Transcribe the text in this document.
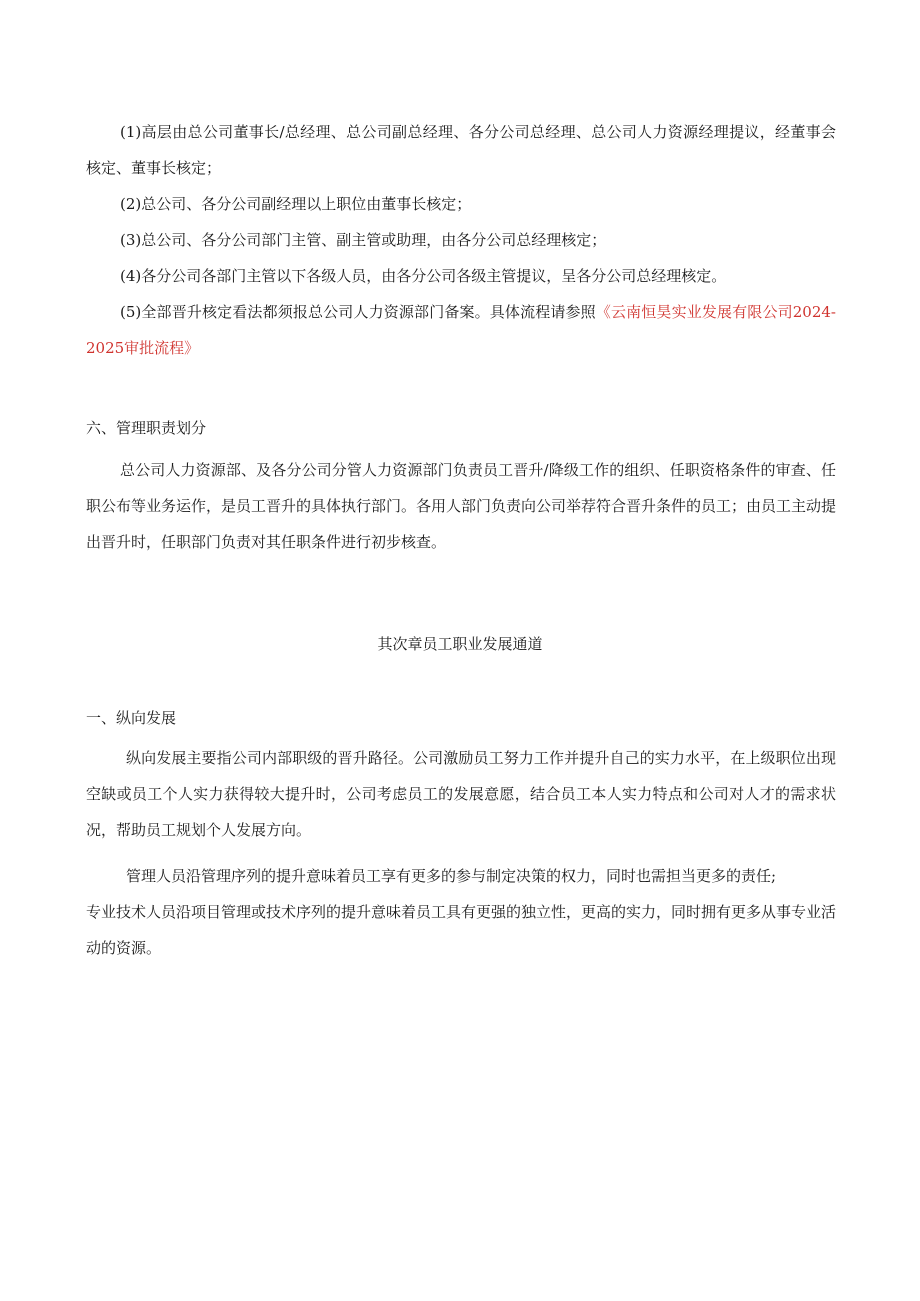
(1)高层由总公司董事长/总经理、总公司副总经理、各分公司总经理、总公司人力资源经理提议，经董事会核定、董事长核定；

(2)总公司、各分公司副经理以上职位由董事长核定；

(3)总公司、各分公司部门主管、副主管或助理，由各分公司总经理核定；

(4)各分公司各部门主管以下各级人员，由各分公司各级主管提议，呈各分公司总经理核定。

(5)全部晋升核定看法都须报总公司人力资源部门备案。具体流程请参照《云南恒昊实业发展有限公司2024-2025审批流程》

六、管理职责划分

总公司人力资源部、及各分公司分管人力资源部门负责员工晋升/降级工作的组织、任职资格条件的审查、任职公布等业务运作，是员工晋升的具体执行部门。各用人部门负责向公司举荐符合晋升条件的员工；由员工主动提出晋升时，任职部门负责对其任职条件进行初步核查。

其次章员工职业发展通道

一、纵向发展

纵向发展主要指公司内部职级的晋升路径。公司激励员工努力工作并提升自己的实力水平，在上级职位出现空缺或员工个人实力获得较大提升时，公司考虑员工的发展意愿，结合员工本人实力特点和公司对人才的需求状况，帮助员工规划个人发展方向。

管理人员沿管理序列的提升意味着员工享有更多的参与制定决策的权力，同时也需担当更多的责任;

专业技术人员沿项目管理或技术序列的提升意味着员工具有更强的独立性，更高的实力，同时拥有更多从事专业活动的资源。
